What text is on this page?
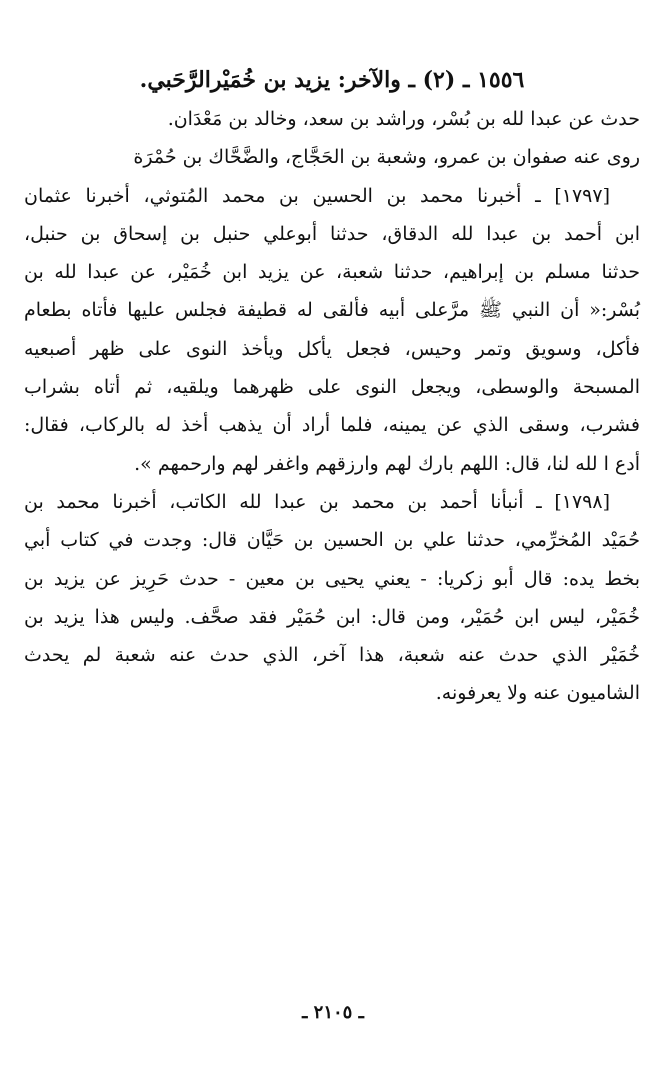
١٥٥٦ ـ (٢) ـ والآخر: يزيد بن خُمَيْرالرَّحَبي.

حدث عن عبدا لله بن بُسْر، وراشد بن سعد، وخالد بن مَعْدَان.

روى عنه صفوان بن عمرو، وشعبة بن الحَجَّاج، والضَّحَّاك بن حُمْرَة

[١٧٩٧] ـ أخبرنا محمد بن الحسين بن محمد المُتوثي، أخبرنا عثمان

ابن أحمد بن عبدا لله الدقاق، حدثنا أبوعلي حنبل بن إسحاق بن حنبل،

حدثنا مسلم بن إبراهيم، حدثنا شعبة، عن يزيد ابن خُمَيْر، عن عبدا لله بن

بُسْر:« أن النبي ﷺ مرَّعلى أبيه فألقى له قطيفة فجلس عليها فأتاه بطعام

فأكل، وسويق وتمر وحيس، فجعل يأكل ويأخذ النوى على ظهر أصبعيه

المسبحة والوسطى، ويجعل النوى على ظهرهما ويلقيه، ثم أتاه بشراب

فشرب، وسقى الذي عن يمينه، فلما أراد أن يذهب أخذ له بالركاب، فقال:

أدع ا لله لنا، قال: اللهم بارك لهم وارزقهم واغفر لهم وارحمهم ».

[١٧٩٨] ـ أنبأنا أحمد بن محمد بن عبدا لله الكاتب، أخبرنا محمد بن

حُمَيْد المُخرِّمي، حدثنا علي بن الحسين بن حَيَّان قال: وجدت في كتاب أبي

بخط يده: قال أبو زكريا: - يعني يحيى بن معين - حدث حَرِيز عن يزيد بن

خُمَيْر، ليس ابن حُمَيْر، ومن قال: ابن حُمَيْر فقد صحَّف. وليس هذا يزيد بن

خُمَيْر الذي حدث عنه شعبة، هذا آخر، الذي حدث عنه شعبة لم يحدث

الشاميون عنه ولا يعرفونه.

ـ ٢١٠٥ ـ
